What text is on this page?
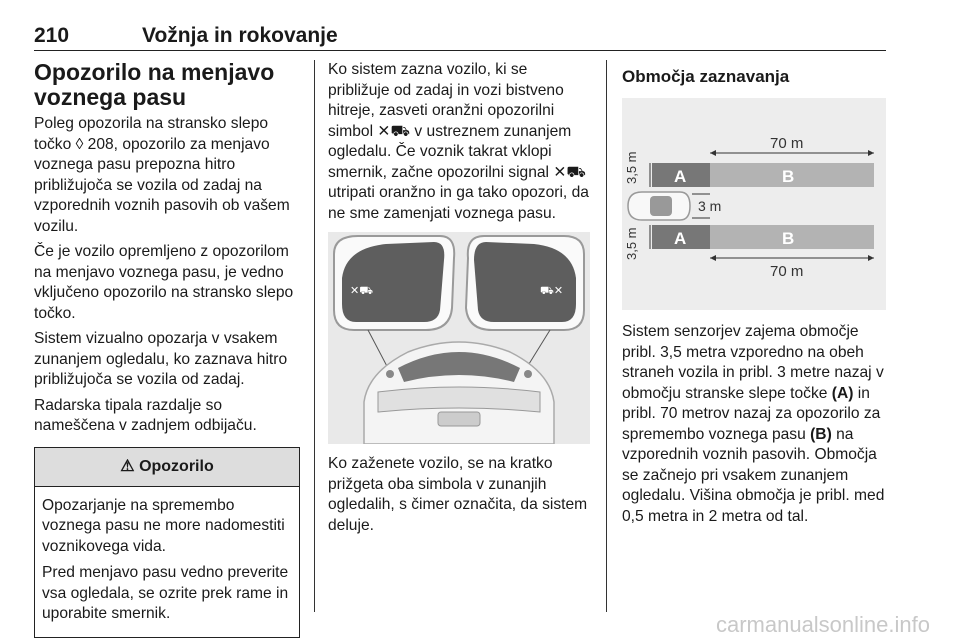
210	Vožnja in rokovanje
Opozorilo na menjavo voznega pasu

Poleg opozorila na stransko slepo točko ◊ 208, opozorilo za menjavo voznega pasu prepozna hitro približujoča se vozila od zadaj na vzporednih voznih pasovih ob vašem vozilu.

Če je vozilo opremljeno z opozorilom na menjavo voznega pasu, je vedno vključeno opozorilo na stransko slepo točko.

Sistem vizualno opozarja v vsakem zunanjem ogledalu, ko zaznava hitro približujoča se vozila od zadaj.

Radarska tipala razdalje so nameščena v zadnjem odbijaču.

⚠ Opozorilo

Opozarjanje na spremembo voznega pasu ne more nadomestiti voznikovega vida.

Pred menjavo pasu vedno preverite vsa ogledala, se ozrite prek rame in uporabite smernik.

Ko sistem zazna vozilo, ki se približuje od zadaj in vozi bistveno hitreje, zasveti oranžni opozorilni simbol ✕⛟ v ustreznem zunanjem ogledalu. Če voznik takrat vklopi smernik, začne opozorilni signal ✕⛟ utripati oranžno in ga tako opozori, da ne sme zamenjati voznega pasu.

✕⛟	⛟✕

Ko zaženete vozilo, se na kratko prižgeta oba simbola v zunanjih ogledalih, s čimer označita, da sistem deluje.

Območja zaznavanja
70 m
A	B
3,5 m
3 m
A	B
3,5 m
70 m

Sistem senzorjev zajema območje pribl. 3,5 metra vzporedno na obeh straneh vozila in pribl. 3 metre nazaj v območju stranske slepe točke (A) in pribl. 70 metrov nazaj za opozorilo za spremembo voznega pasu (B) na vzporednih voznih pasovih. Območja se začnejo pri vsakem zunanjem ogledalu. Višina območja je pribl. med 0,5 metra in 2 metra od tal.

carmanualsonline.info
